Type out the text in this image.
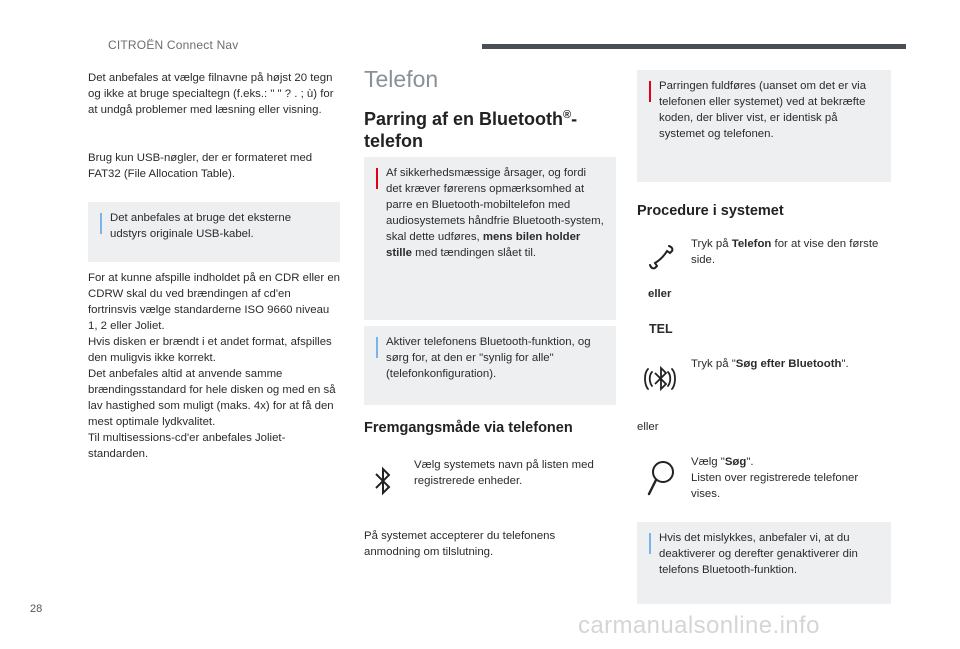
CITROËN Connect Nav

Det anbefales at vælge filnavne på højst 20 tegn og ikke at bruge specialtegn (f.eks.: " " ? . ; ù) for at undgå problemer med læsning eller visning.

Brug kun USB-nøgler, der er formateret med FAT32 (File Allocation Table).

Det anbefales at bruge det eksterne udstyrs originale USB-kabel.

For at kunne afspille indholdet på en CDR eller en CDRW skal du ved brændingen af cd'en fortrinsvis vælge standarderne ISO 9660 niveau 1, 2 eller Joliet.

Hvis disken er brændt i et andet format, afspilles den muligvis ikke korrekt.

Det anbefales altid at anvende samme brændingsstandard for hele disken og med en så lav hastighed som muligt (maks. 4x) for at få den mest optimale lydkvalitet.

Til multisessions-cd'er anbefales Joliet-standarden.

Telefon
Parring af en Bluetooth®-
telefon
Af sikkerhedsmæssige årsager, og fordi det kræver førerens opmærksomhed at parre en Bluetooth-mobiltelefon med audiosystemets håndfrie Bluetooth-system, skal dette udføres, mens bilen holder stille med tændingen slået til.
Aktiver telefonens Bluetooth-funktion, og sørg for, at den er "synlig for alle" (telefonkonfiguration).
Fremgangsmåde via telefonen

Vælg systemets navn på listen med registrerede enheder.

På systemet accepterer du telefonens anmodning om tilslutning.

Parringen fuldføres (uanset om det er via telefonen eller systemet) ved at bekræfte koden, der bliver vist, er identisk på systemet og telefonen.
Procedure i systemet
Tryk på Telefon for at vise den første side.
eller
TEL
Tryk på "Søg efter Bluetooth".
eller
Vælg "Søg".
Listen over registrerede telefoner vises.
Hvis det mislykkes, anbefaler vi, at du deaktiverer og derefter genaktiverer din telefons Bluetooth-funktion.
28
carmanualsonline.info
